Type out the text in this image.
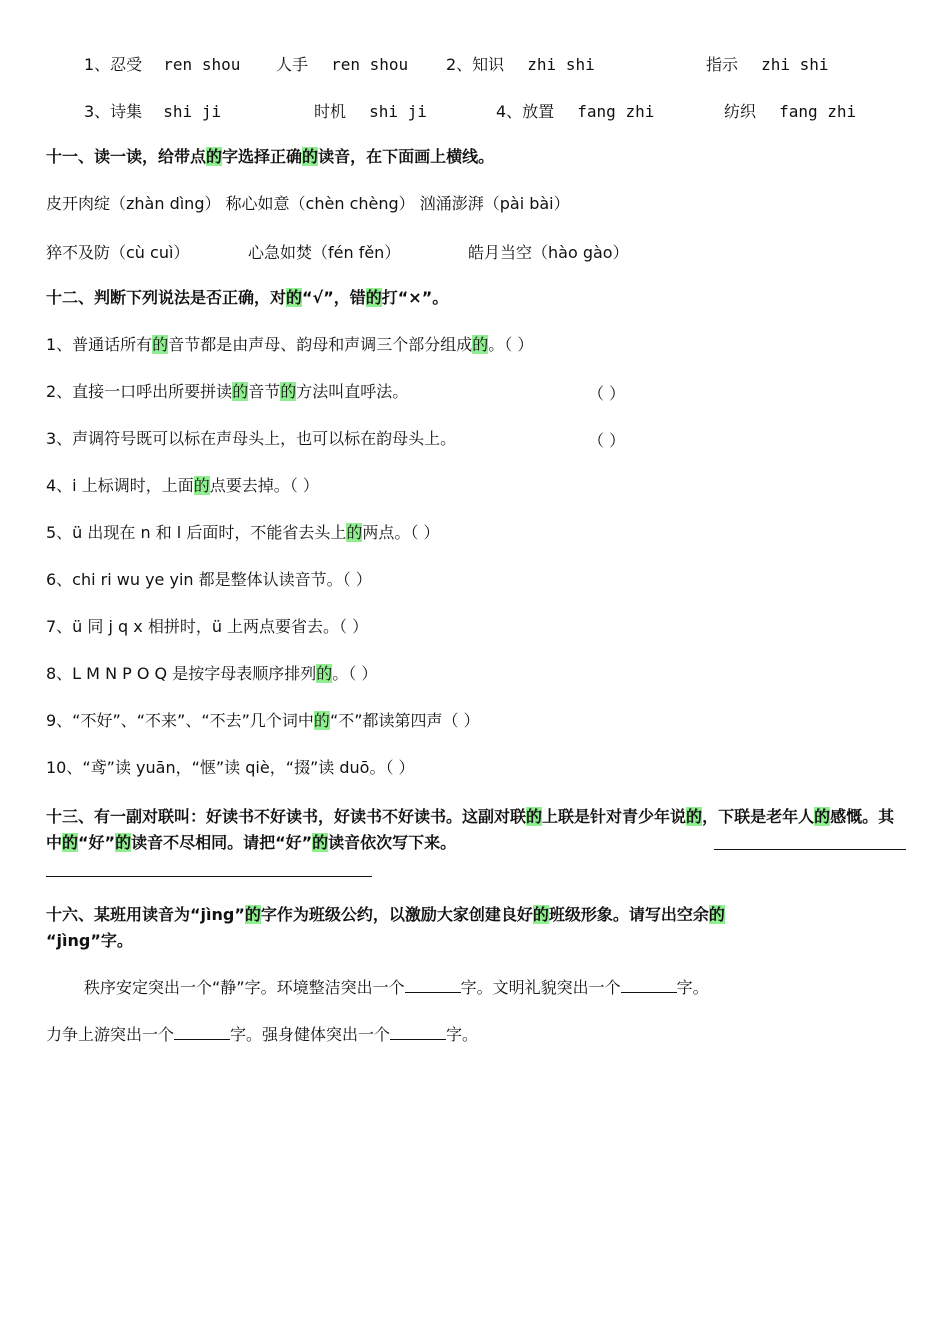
1、忍受 ren shou 人手 ren shou 2、知识 zhi shi	指示 zhi shi
3、诗集 shi ji	时机 shi ji	4、放置 fang zhi	纺织 fang zhi
十一、读一读，给带点的字选择正确的读音，在下面画上横线。
皮开肉绽（zhàn dìng） 称心如意（chèn chèng） 汹涌澎湃（pài bài）
猝不及防（cù cuì）	心急如焚（fén fěn）	皓月当空（hào gào）
十二、判断下列说法是否正确，对的“√”，错的打“×”。
1、普通话所有的音节都是由声母、韵母和声调三个部分组成的。（ ）
2、直接一口呼出所要拼读的音节的方法叫直呼法。	（ ）
3、声调符号既可以标在声母头上，也可以标在韵母头上。	（ ）
4、i 上标调时，上面的点要去掉。（ ）
5、ü 出现在 n 和 l 后面时，不能省去头上的两点。（ ）
6、chi ri wu ye yin 都是整体认读音节。（ ）
7、ü 同 j q x 相拼时，ü 上两点要省去。（ ）
8、L M N P O Q 是按字母表顺序排列的。（ ）
9、“不好”、“不来”、“不去”几个词中的“不”都读第四声（ ）
10、“鸢”读 yuān，“惬”读 qiè，“掇”读 duō。（ ）
十三、有一副对联叫：好读书不好读书，好读书不好读书。这副对联的上联是针对青少年说的，下联是老年人的感慨。其中的“好”的读音不尽相同。请把“好”的读音依次写下来。
十六、某班用读音为“jìng”的字作为班级公约，以激励大家创建良好的班级形象。请写出空余的
“jìng”字。
秩序安定突出一个“静”字。环境整洁突出一个	字。文明礼貌突出一个	字。
力争上游突出一个	字。强身健体突出一个	字。
